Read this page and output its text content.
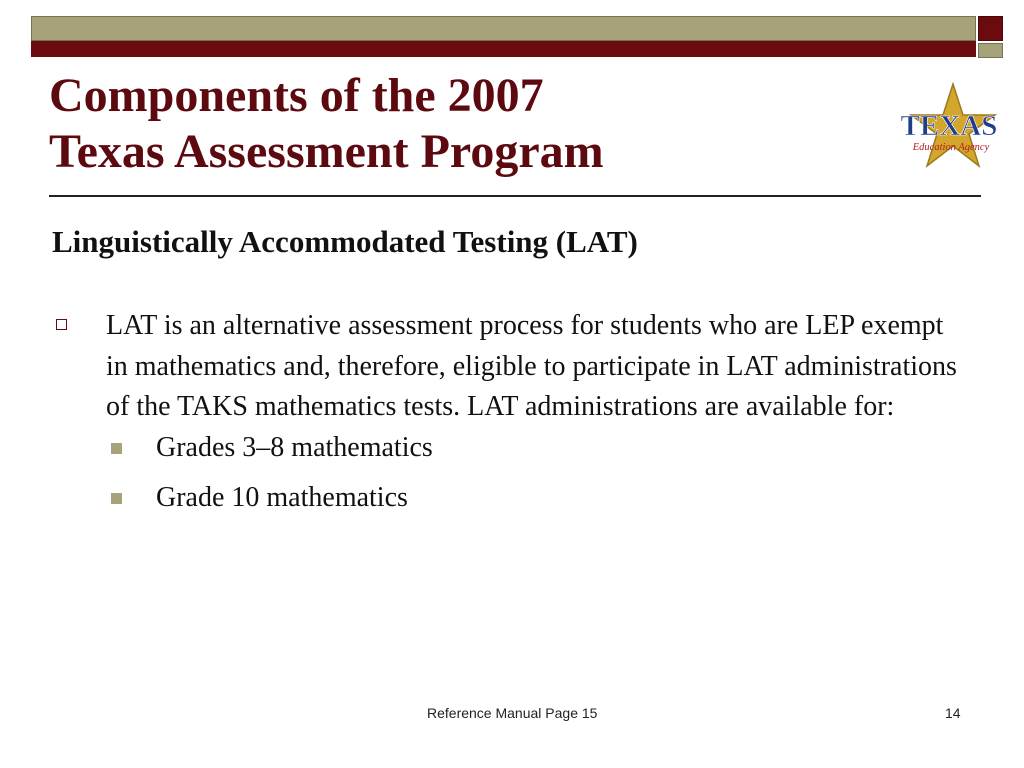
Components of the 2007
Texas Assessment Program	TEXAS
Education Agency
Linguistically Accommodated Testing (LAT)
LAT is an alternative assessment process for students who are LEP exempt in mathematics and, therefore, eligible to participate in LAT administrations of the TAKS mathematics tests. LAT administrations are available for:
Grades 3–8 mathematics
Grade 10 mathematics
Reference Manual Page 15	14
